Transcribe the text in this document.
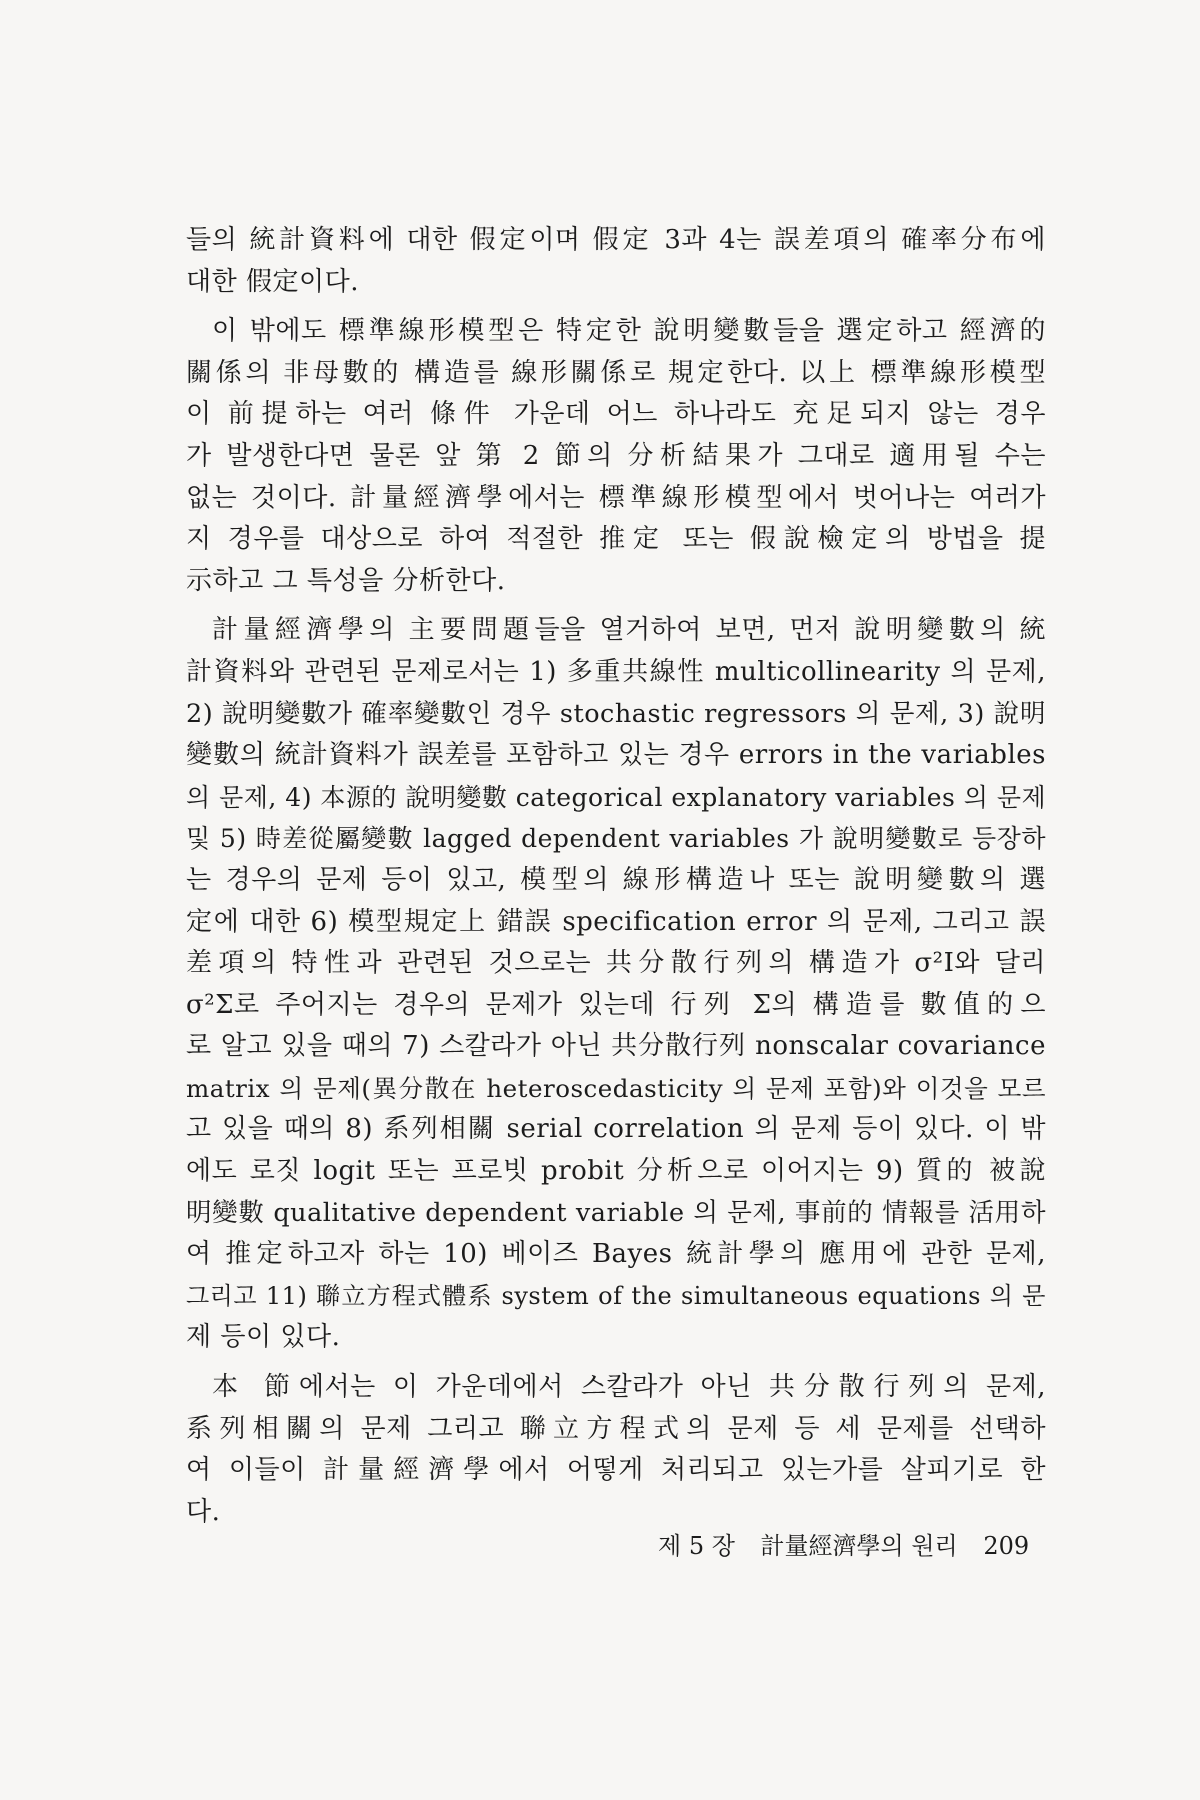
들의 統計資料에 대한 假定이며 假定 3과 4는 誤差項의 確率分布에
대한 假定이다.
이 밖에도 標準線形模型은 特定한 說明變數들을 選定하고 經濟的
關係의 非母數的 構造를 線形關係로 規定한다. 以上 標準線形模型
이 前提하는 여러 條件 가운데 어느 하나라도 充足되지 않는 경우
가 발생한다면 물론 앞 第 2 節의 分析結果가 그대로 適用될 수는
없는 것이다. 計量經濟學에서는 標準線形模型에서 벗어나는 여러가
지 경우를 대상으로 하여 적절한 推定 또는 假說檢定의 방법을 提
示하고 그 특성을 分析한다.
計量經濟學의 主要問題들을 열거하여 보면, 먼저 說明變數의 統
計資料와 관련된 문제로서는 1) 多重共線性 multicollinearity 의 문제,
2) 說明變數가 確率變數인 경우 stochastic regressors 의 문제, 3) 說明
變數의 統計資料가 誤差를 포함하고 있는 경우 errors in the variables
의 문제, 4) 本源的 說明變數 categorical explanatory variables 의 문제
및 5) 時差從屬變數 lagged dependent variables 가 說明變數로 등장하
는 경우의 문제 등이 있고, 模型의 線形構造나 또는 說明變數의 選
定에 대한 6) 模型規定上 錯誤 specification error 의 문제, 그리고 誤
差項의 特性과 관련된 것으로는 共分散行列의 構造가 σ²I와 달리
σ²Σ로 주어지는 경우의 문제가 있는데 行列 Σ의 構造를 數值的으
로 알고 있을 때의 7) 스칼라가 아닌 共分散行列 nonscalar covariance
matrix 의 문제(異分散在 heteroscedasticity 의 문제 포함)와 이것을 모르
고 있을 때의 8) 系列相關 serial correlation 의 문제 등이 있다. 이 밖
에도 로짓 logit 또는 프로빗 probit 分析으로 이어지는 9) 質的 被說
明變數 qualitative dependent variable 의 문제, 事前的 情報를 活用하
여 推定하고자 하는 10) 베이즈 Bayes 統計學의 應用에 관한 문제,
그리고 11) 聯立方程式體系 system of the simultaneous equations 의 문
제 등이 있다.
本 節에서는 이 가운데에서 스칼라가 아닌 共分散行列의 문제,
系列相關의 문제 그리고 聯立方程式의 문제 등 세 문제를 선택하
여 이들이 計量經濟學에서 어떻게 처리되고 있는가를 살피기로 한
다.
제 5 장 計量經濟學의 원리 209
